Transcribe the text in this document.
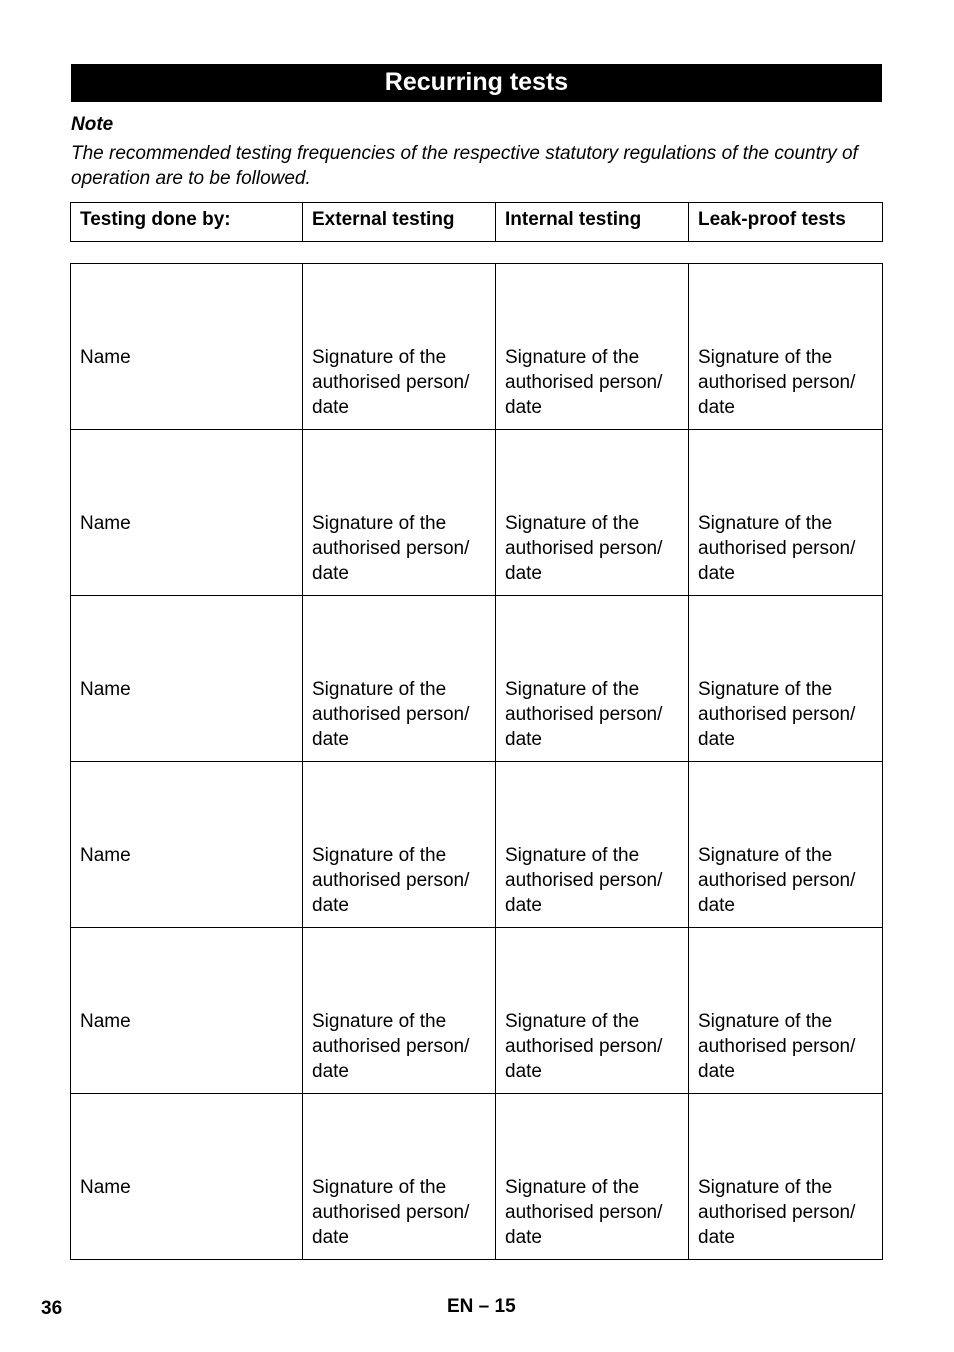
Recurring tests
Note
The recommended testing frequencies of the respective statutory regulations of the country of operation are to be followed.
Testing done by:	External testing	Internal testing	Leak-proof tests
Name	Signature of the authorised person/ date	Signature of the authorised person/ date	Signature of the authorised person/ date
Name	Signature of the authorised person/ date	Signature of the authorised person/ date	Signature of the authorised person/ date
Name	Signature of the authorised person/ date	Signature of the authorised person/ date	Signature of the authorised person/ date
Name	Signature of the authorised person/ date	Signature of the authorised person/ date	Signature of the authorised person/ date
Name	Signature of the authorised person/ date	Signature of the authorised person/ date	Signature of the authorised person/ date
Name	Signature of the authorised person/ date	Signature of the authorised person/ date	Signature of the authorised person/ date
36	EN – 15
